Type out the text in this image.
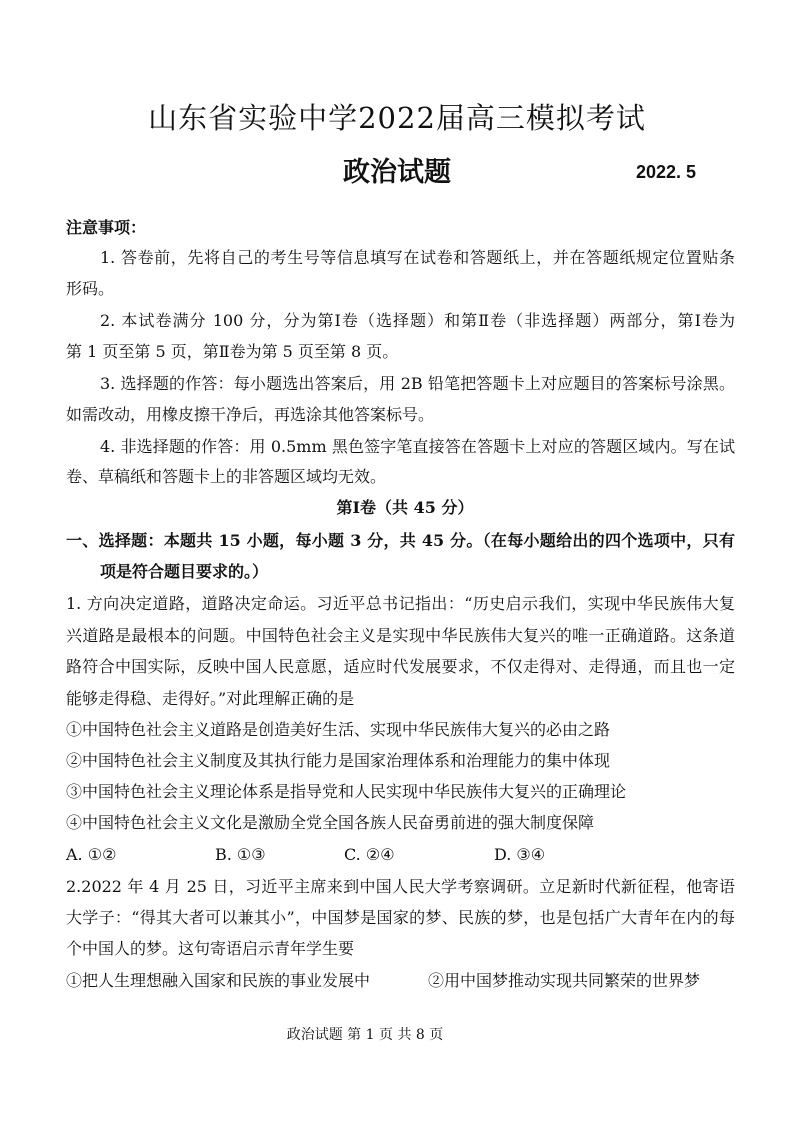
山东省实验中学2022届高三模拟考试
政治试题	2022. 5
注意事项：
1. 答卷前，先将自己的考生号等信息填写在试卷和答题纸上，并在答题纸规定位置贴条
形码。
2. 本试卷满分 100 分，分为第Ⅰ卷（选择题）和第Ⅱ卷（非选择题）两部分，第Ⅰ卷为
第 1 页至第 5 页，第Ⅱ卷为第 5 页至第 8 页。
3. 选择题的作答：每小题选出答案后，用 2B 铅笔把答题卡上对应题目的答案标号涂黑。
如需改动，用橡皮擦干净后，再选涂其他答案标号。
4. 非选择题的作答：用 0.5mm 黑色签字笔直接答在答题卡上对应的答题区域内。写在试
卷、草稿纸和答题卡上的非答题区域均无效。
第Ⅰ卷（共 45 分）
一、选择题：本题共 15 小题，每小题 3 分，共 45 分。（在每小题给出的四个选项中，只有
项是符合题目要求的。）
1. 方向决定道路，道路决定命运。习近平总书记指出：“历史启示我们，实现中华民族伟大复
兴道路是最根本的问题。中国特色社会主义是实现中华民族伟大复兴的唯一正确道路。这条道
路符合中国实际，反映中国人民意愿，适应时代发展要求，不仅走得对、走得通，而且也一定
能够走得稳、走得好。”对此理解正确的是
①中国特色社会主义道路是创造美好生活、实现中华民族伟大复兴的必由之路
②中国特色社会主义制度及其执行能力是国家治理体系和治理能力的集中体现
③中国特色社会主义理论体系是指导党和人民实现中华民族伟大复兴的正确理论
④中国特色社会主义文化是激励全党全国各族人民奋勇前进的强大制度保障
A. ①②	B. ①③	C. ②④	D. ③④
2.2022 年 4 月 25 日，习近平主席来到中国人民大学考察调研。立足新时代新征程，他寄语
大学子：“得其大者可以兼其小”，中国梦是国家的梦、民族的梦，也是包括广大青年在内的每
个中国人的梦。这句寄语启示青年学生要
①把人生理想融入国家和民族的事业发展中	②用中国梦推动实现共同繁荣的世界梦
政治试题 第 1 页 共 8 页
